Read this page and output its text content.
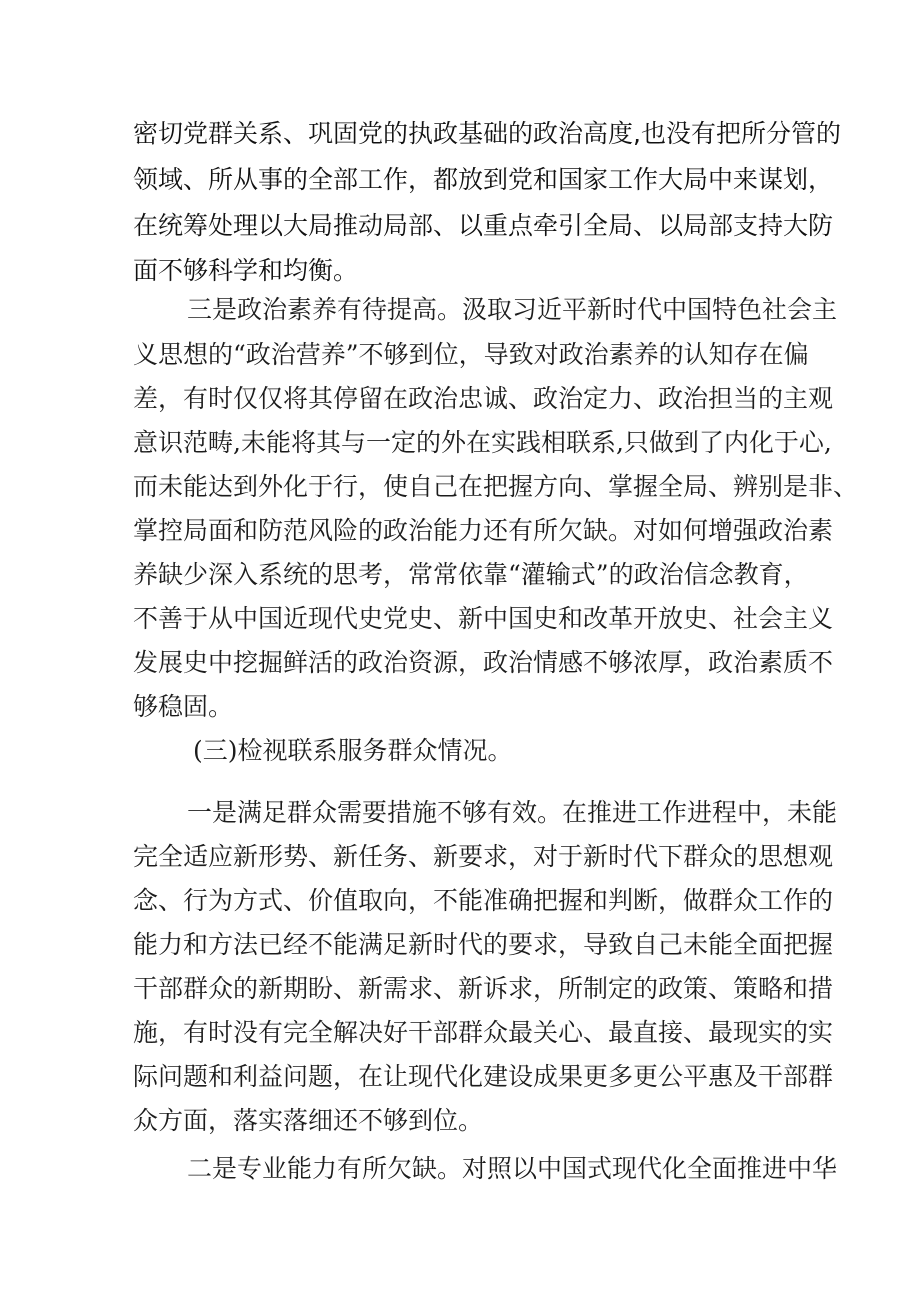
密切党群关系、巩固党的执政基础的政治高度,也没有把所分管的
领域、所从事的全部工作，都放到党和国家工作大局中来谋划，
在统筹处理以大局推动局部、以重点牵引全局、以局部支持大防
面不够科学和均衡。
三是政治素养有待提高。汲取习近平新时代中国特色社会主
义思想的“政治营养”不够到位，导致对政治素养的认知存在偏
差，有时仅仅将其停留在政治忠诚、政治定力、政治担当的主观
意识范畴,未能将其与一定的外在实践相联系,只做到了内化于心,
而未能达到外化于行，使自己在把握方向、掌握全局、辨别是非、
掌控局面和防范风险的政治能力还有所欠缺。对如何增强政治素
养缺少深入系统的思考，常常依靠“灌输式”的政治信念教育，
不善于从中国近现代史党史、新中国史和改革开放史、社会主义
发展史中挖掘鲜活的政治资源，政治情感不够浓厚，政治素质不
够稳固。
(三)检视联系服务群众情况。
一是满足群众需要措施不够有效。在推进工作进程中，未能
完全适应新形势、新任务、新要求，对于新时代下群众的思想观
念、行为方式、价值取向，不能准确把握和判断，做群众工作的
能力和方法已经不能满足新时代的要求，导致自己未能全面把握
干部群众的新期盼、新需求、新诉求，所制定的政策、策略和措
施，有时没有完全解决好干部群众最关心、最直接、最现实的实
际问题和利益问题，在让现代化建设成果更多更公平惠及干部群
众方面，落实落细还不够到位。
二是专业能力有所欠缺。对照以中国式现代化全面推进中华
